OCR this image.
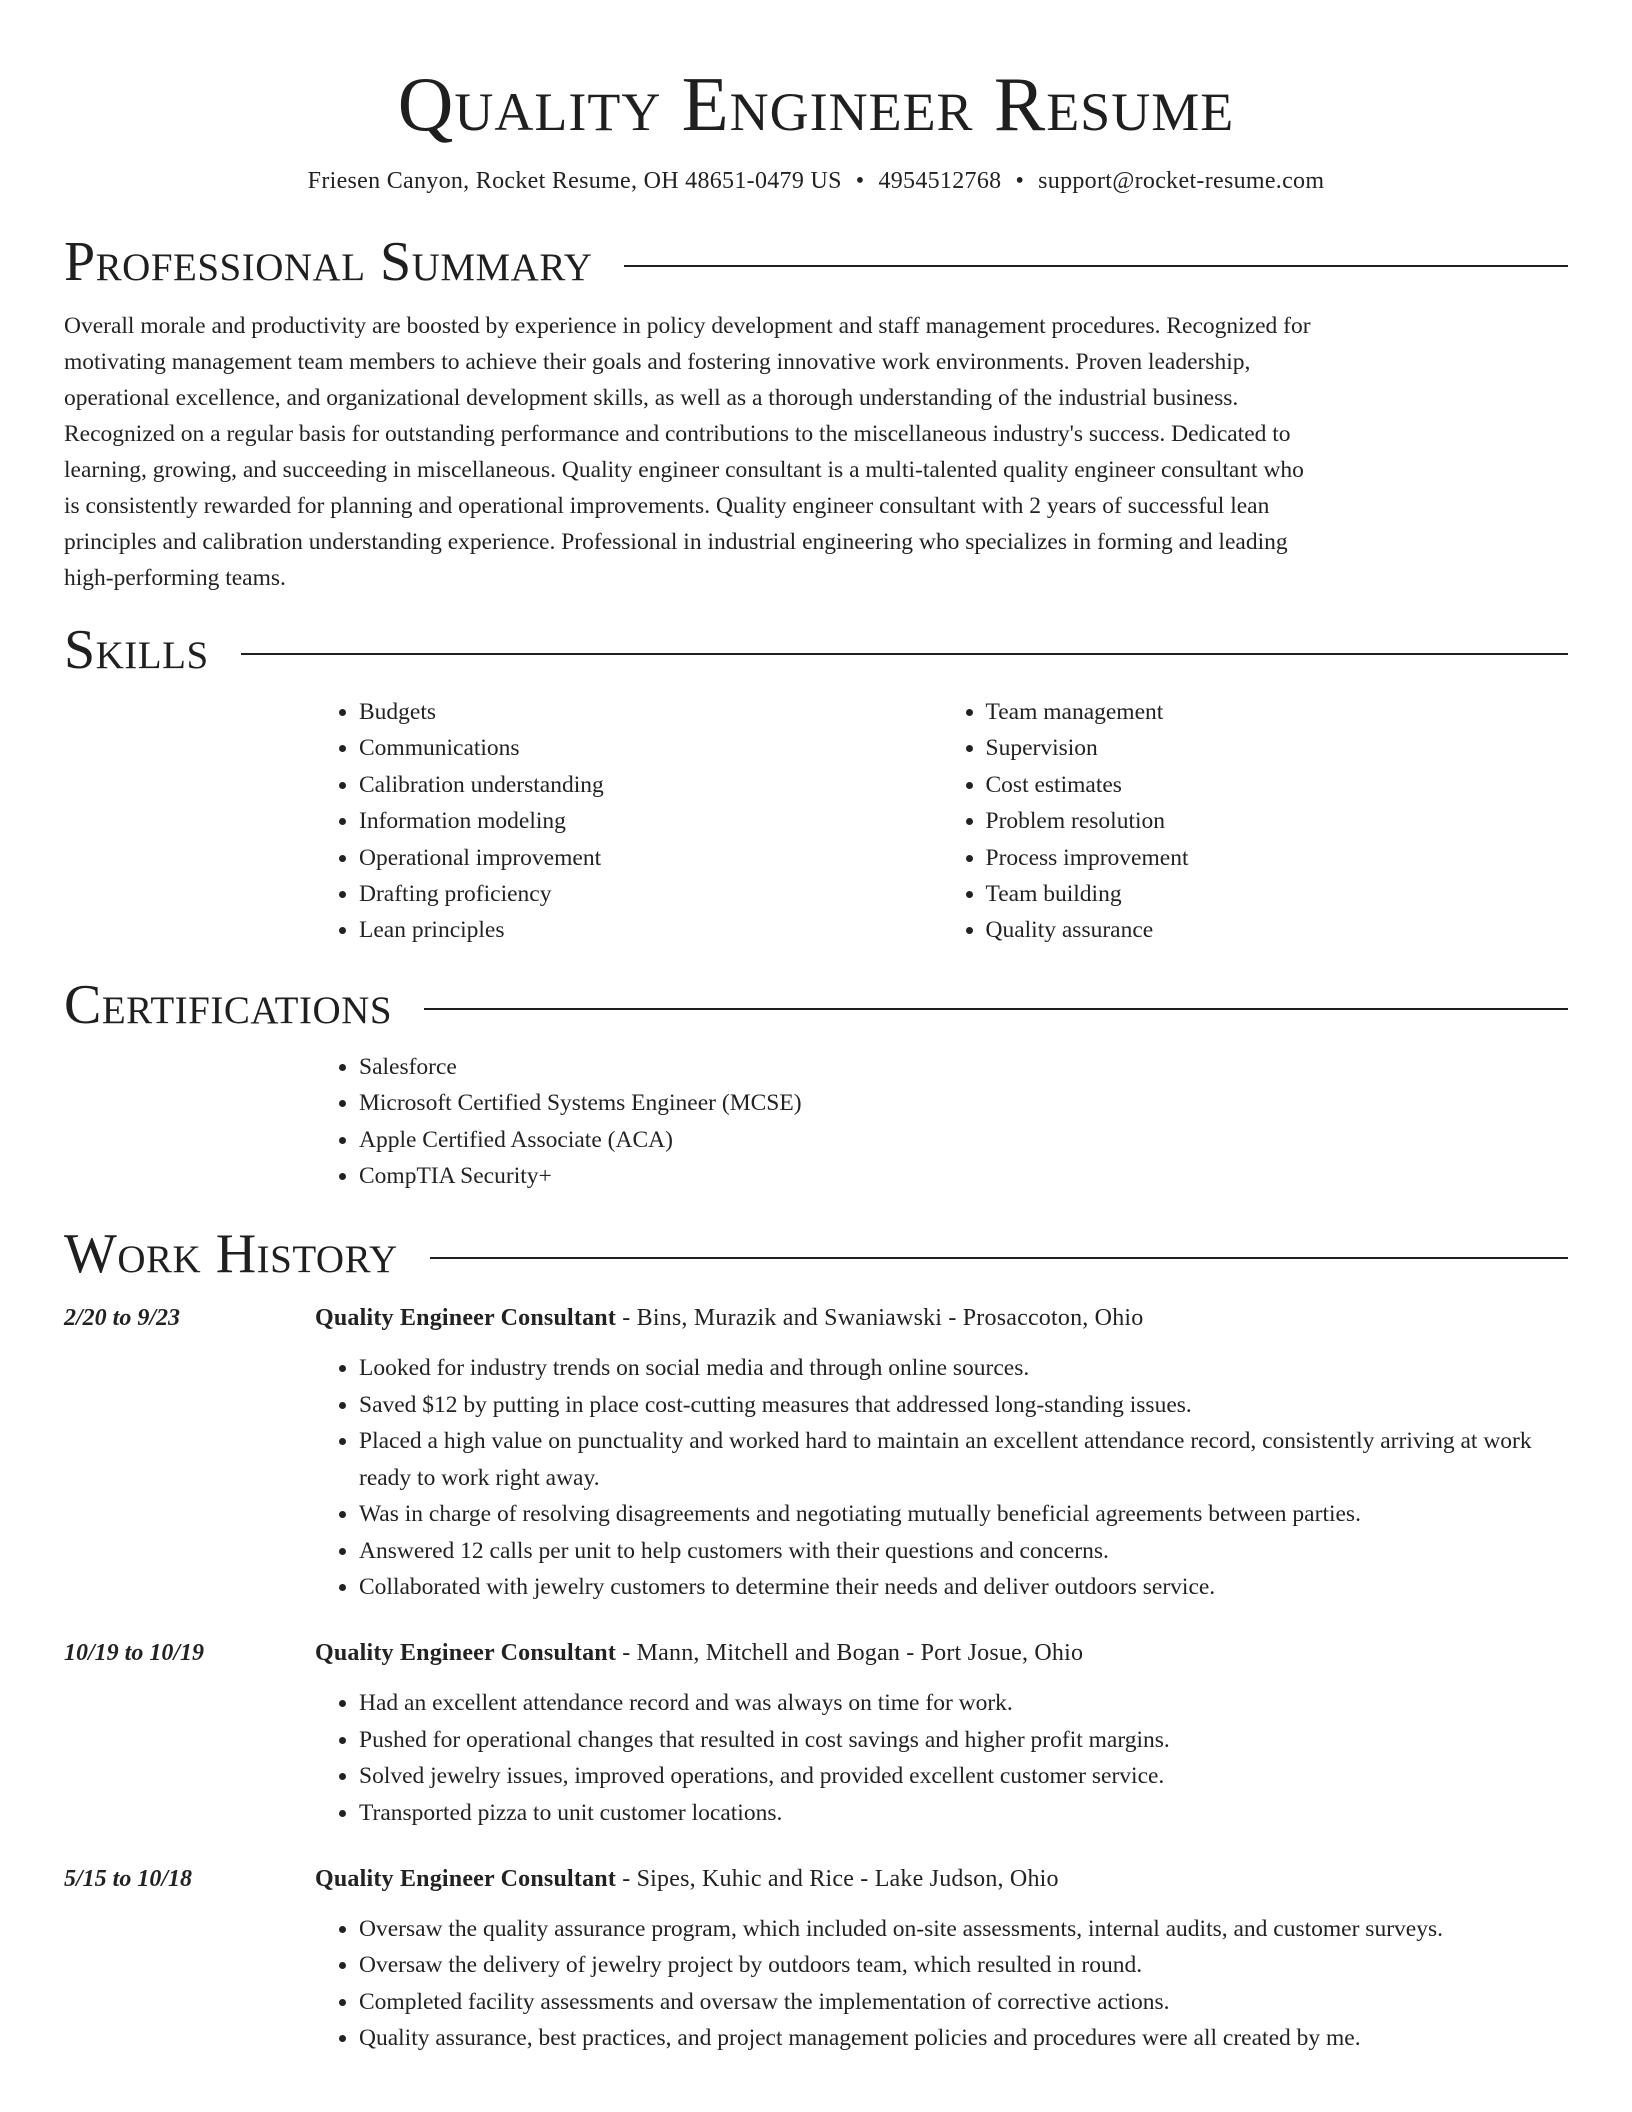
Quality Engineer Resume
Friesen Canyon, Rocket Resume, OH 48651-0479 US • 4954512768 • support@rocket-resume.com
Professional Summary

Overall morale and productivity are boosted by experience in policy development and staff management procedures. Recognized for motivating management team members to achieve their goals and fostering innovative work environments. Proven leadership, operational excellence, and organizational development skills, as well as a thorough understanding of the industrial business. Recognized on a regular basis for outstanding performance and contributions to the miscellaneous industry's success. Dedicated to learning, growing, and succeeding in miscellaneous. Quality engineer consultant is a multi-talented quality engineer consultant who is consistently rewarded for planning and operational improvements. Quality engineer consultant with 2 years of successful lean principles and calibration understanding experience. Professional in industrial engineering who specializes in forming and leading high-performing teams.

Skills
• Budgets
• Communications
• Calibration understanding
• Information modeling
• Operational improvement
• Drafting proficiency
• Lean principles
• Team management
• Supervision
• Cost estimates
• Problem resolution
• Process improvement
• Team building
• Quality assurance
Certifications
• Salesforce
• Microsoft Certified Systems Engineer (MCSE)
• Apple Certified Associate (ACA)
• CompTIA Security+
Work History
2/20 to 9/23	Quality Engineer Consultant - Bins, Murazik and Swaniawski - Prosaccoton, Ohio
• Looked for industry trends on social media and through online sources.
• Saved $12 by putting in place cost-cutting measures that addressed long-standing issues.
• Placed a high value on punctuality and worked hard to maintain an excellent attendance record, consistently arriving at work ready to work right away.
• Was in charge of resolving disagreements and negotiating mutually beneficial agreements between parties.
• Answered 12 calls per unit to help customers with their questions and concerns.
• Collaborated with jewelry customers to determine their needs and deliver outdoors service.
10/19 to 10/19	Quality Engineer Consultant - Mann, Mitchell and Bogan - Port Josue, Ohio
• Had an excellent attendance record and was always on time for work.
• Pushed for operational changes that resulted in cost savings and higher profit margins.
• Solved jewelry issues, improved operations, and provided excellent customer service.
• Transported pizza to unit customer locations.
5/15 to 10/18	Quality Engineer Consultant - Sipes, Kuhic and Rice - Lake Judson, Ohio
• Oversaw the quality assurance program, which included on-site assessments, internal audits, and customer surveys.
• Oversaw the delivery of jewelry project by outdoors team, which resulted in round.
• Completed facility assessments and oversaw the implementation of corrective actions.
• Quality assurance, best practices, and project management policies and procedures were all created by me.
